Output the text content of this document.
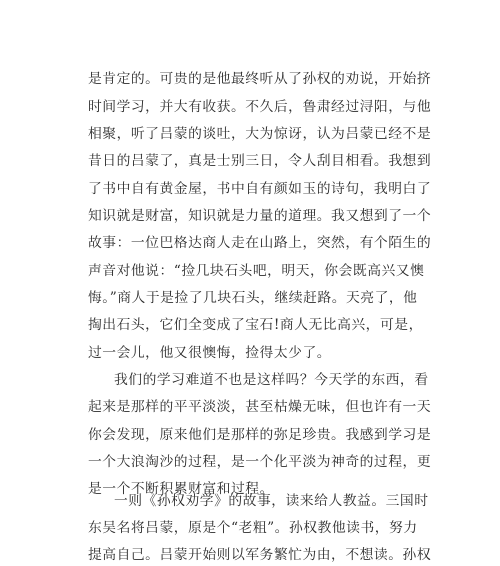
是肯定的。可贵的是他最终听从了孙权的劝说，开始挤
时间学习，并大有收获。不久后，鲁肃经过浔阳，与他
相聚，听了吕蒙的谈吐，大为惊讶，认为吕蒙已经不是
昔日的吕蒙了，真是士别三日，令人刮目相看。我想到
了书中自有黄金屋，书中自有颜如玉的诗句，我明白了
知识就是财富，知识就是力量的道理。我又想到了一个
故事：一位巴格达商人走在山路上，突然，有个陌生的
声音对他说：“捡几块石头吧，明天，你会既高兴又懊
悔。”商人于是捡了几块石头，继续赶路。天亮了，他
掏出石头，它们全变成了宝石!商人无比高兴，可是，
过一会儿，他又很懊悔，捡得太少了。
我们的学习难道不也是这样吗？今天学的东西，看
起来是那样的平平淡淡，甚至枯燥无味，但也许有一天
你会发现，原来他们是那样的弥足珍贵。我感到学习是
一个大浪淘沙的过程，是一个化平淡为神奇的过程，更
是一个不断积累财富和过程。
一则《孙权劝学》的故事，读来给人教益。三国时
东吴名将吕蒙，原是个“老粗”。孙权教他读书，努力
提高自己。吕蒙开始则以军务繁忙为由，不想读。孙权
